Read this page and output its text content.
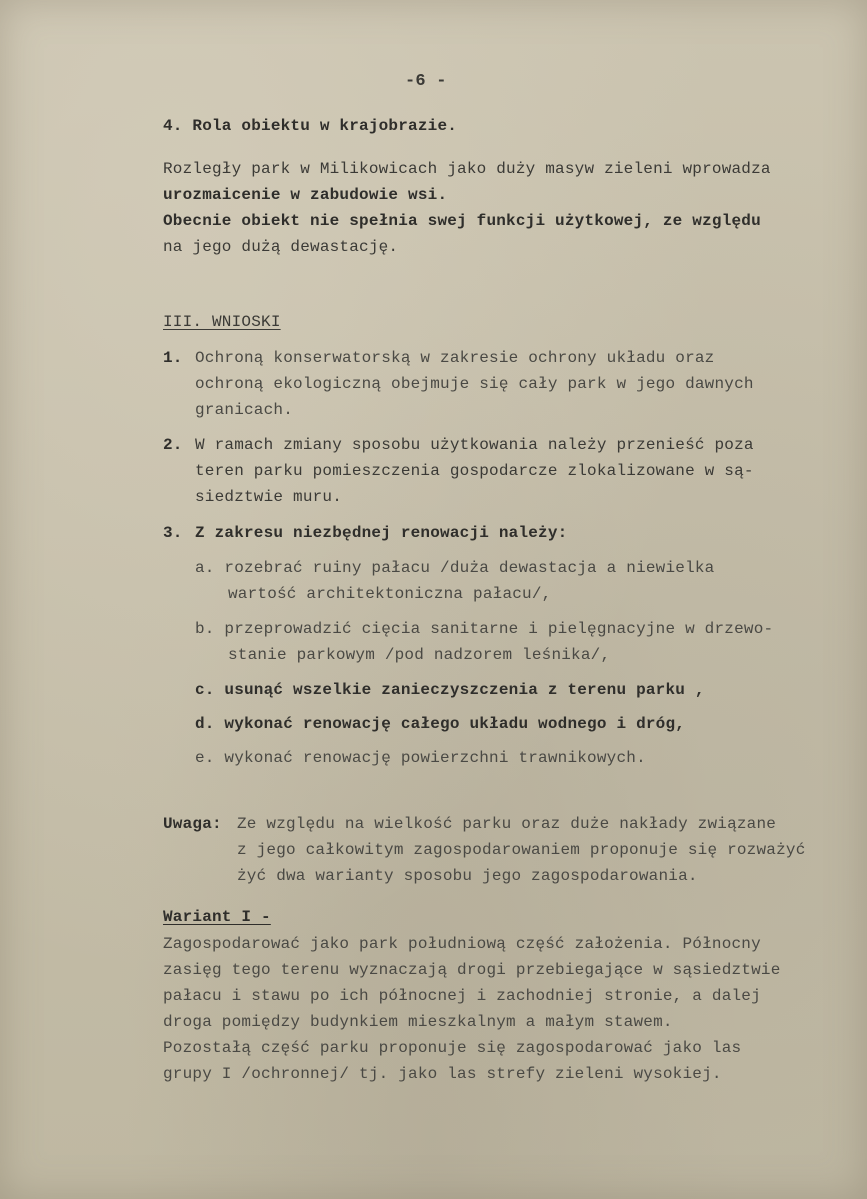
-6 -
4. Rola obiektu w krajobrazie.
Rozległy park w Milikowicach jako duży masyw zieleni wprowadza
urozmaicenie w zabudowie wsi.
Obecnie obiekt nie spełnia swej funkcji użytkowej, ze względu
na jego dużą dewastację.
III. WNIOSKI
1. Ochroną konserwatorską w zakresie ochrony układu oraz
ochroną ekologiczną obejmuje się cały park w jego dawnych
granicach.
2. W ramach zmiany sposobu użytkowania należy przenieść poza
teren parku pomieszczenia gospodarcze zlokalizowane w są-
siedztwie muru.
3. Z zakresu niezbędnej renowacji należy:
a. rozebrać ruiny pałacu /duża dewastacja a niewielka
wartość architektoniczna pałacu/,
b. przeprowadzić cięcia sanitarne i pielęgnacyjne w drzewo-
stanie parkowym /pod nadzorem leśnika/,
c. usunąć wszelkie zanieczyszczenia z terenu parku ,
d. wykonać renowację całego układu wodnego i dróg,
e. wykonać renowację powierzchni trawnikowych.
Uwaga: Ze względu na wielkość parku oraz duże nakłady związane
z jego całkowitym zagospodarowaniem proponuje się rozważyć
żyć dwa warianty sposobu jego zagospodarowania.
Wariant I -
Zagospodarować jako park południową część założenia. Północny
zasięg tego terenu wyznaczają drogi przebiegające w sąsiedztwie
pałacu i stawu po ich północnej i zachodniej stronie, a dalej
droga pomiędzy budynkiem mieszkalnym a małym stawem.
Pozostałą część parku proponuje się zagospodarować jako las
grupy I /ochronnej/ tj. jako las strefy zieleni wysokiej.
